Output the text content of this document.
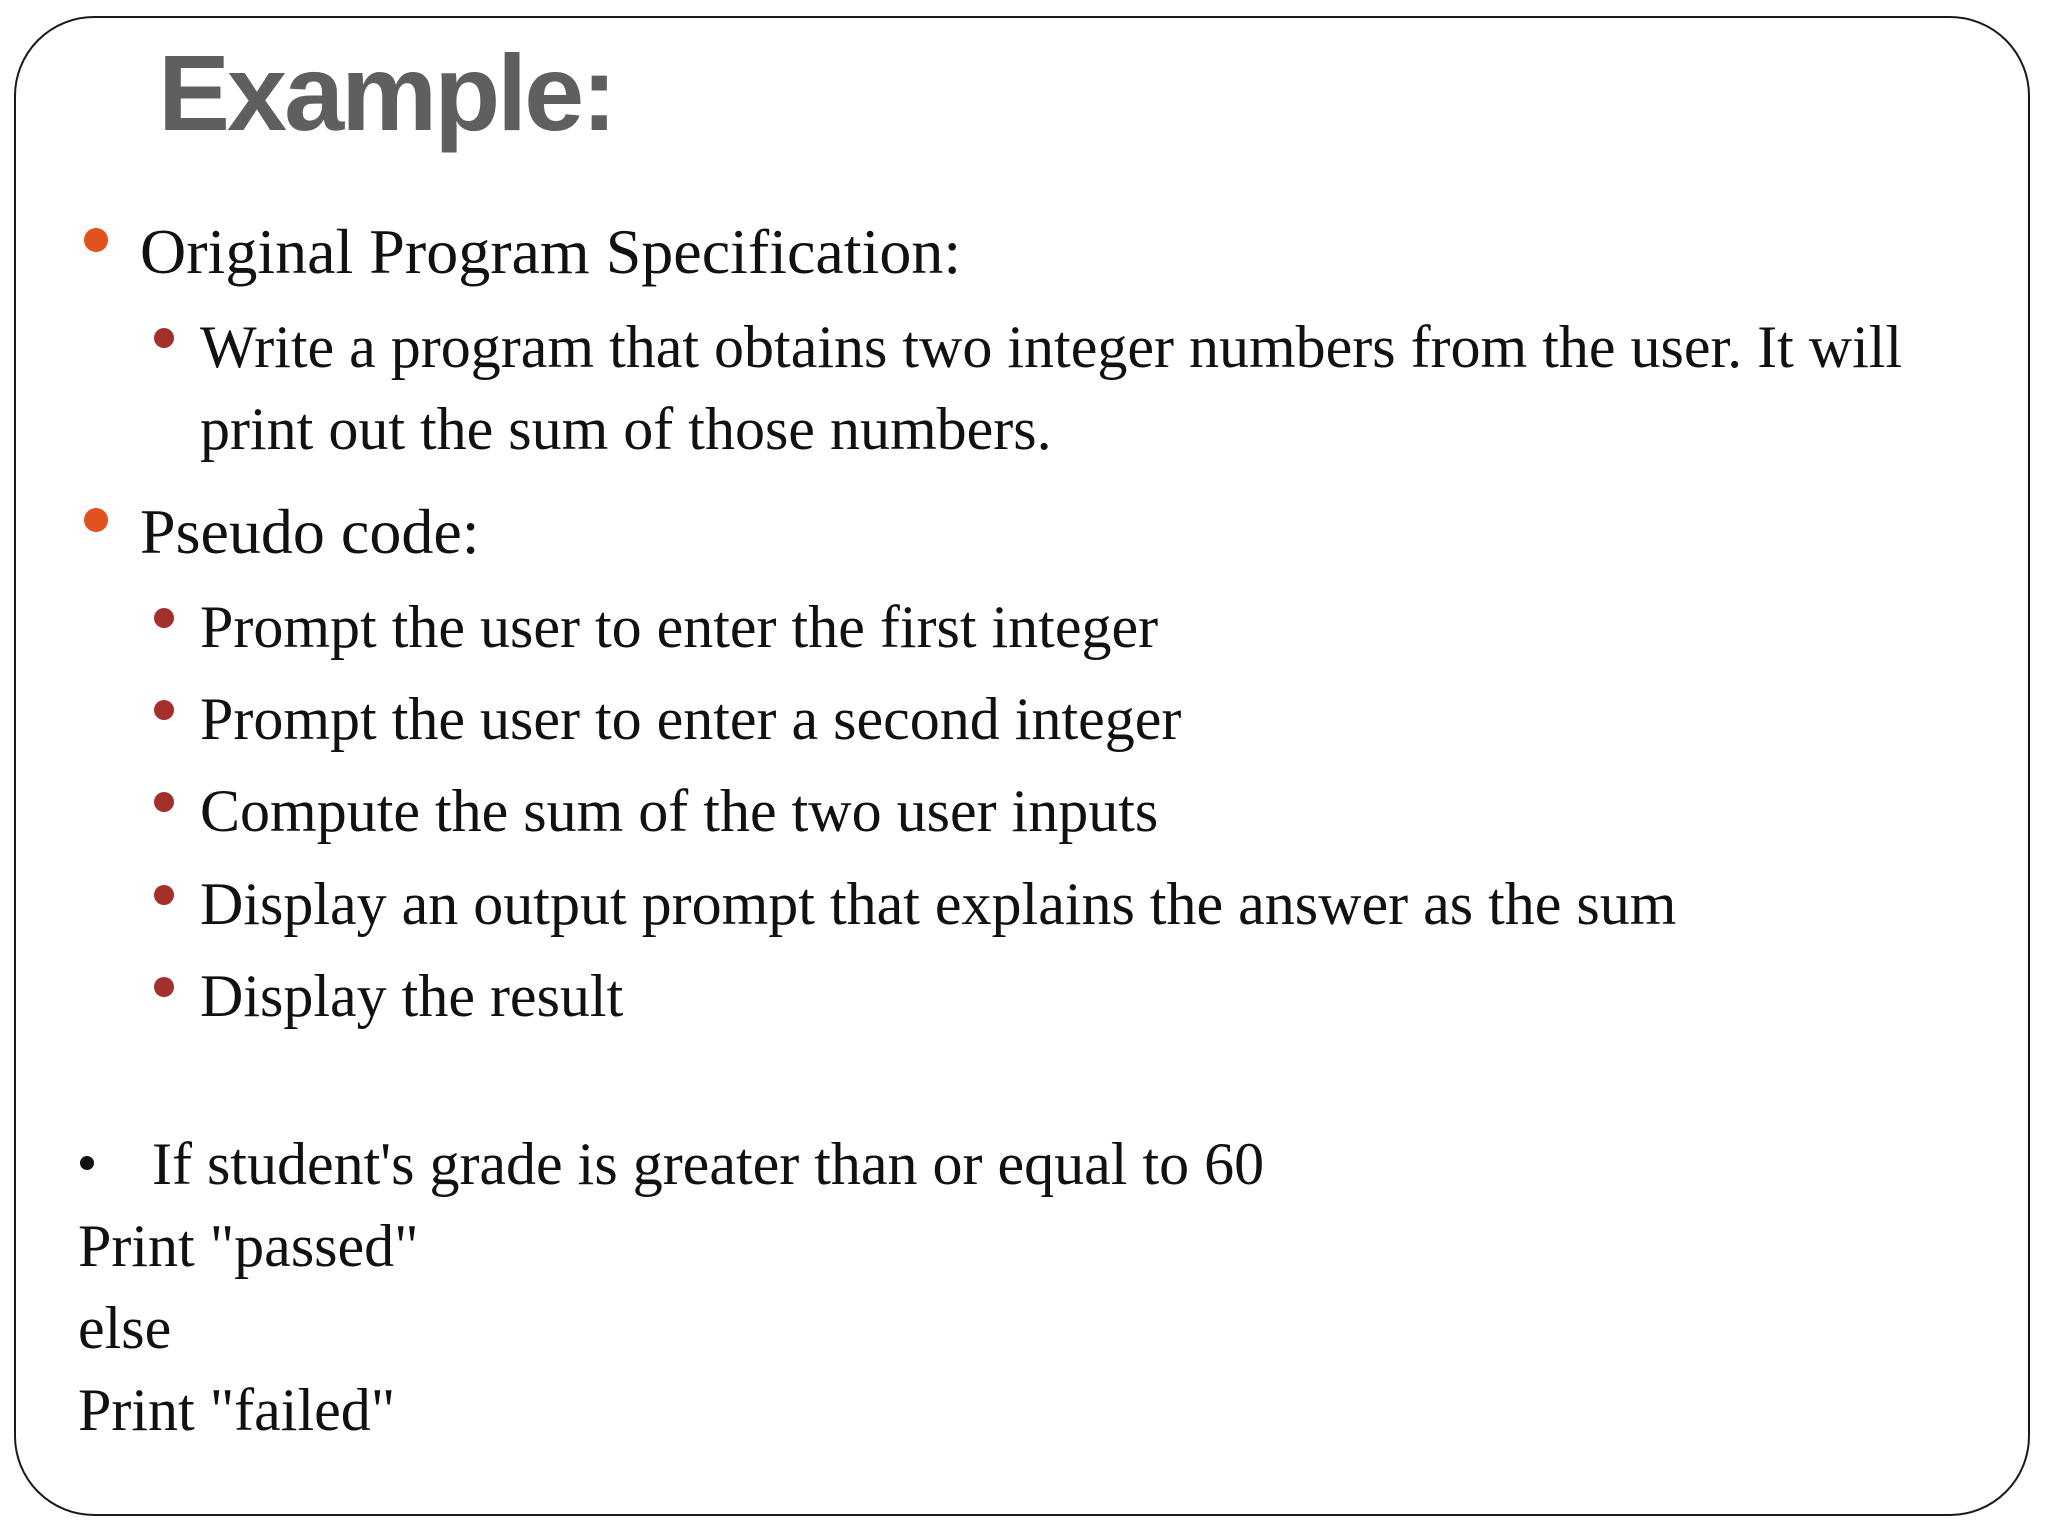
Example:
Original Program Specification:
Write a program that obtains two integer numbers from the user. It will
print out the sum of those numbers.
Pseudo code:
Prompt the user to enter the first integer
Prompt the user to enter a second integer
Compute the sum of the two user inputs
Display an output prompt that explains the answer as the sum
Display the result
If student's grade is greater than or equal to 60
Print "passed"
else
Print "failed"
